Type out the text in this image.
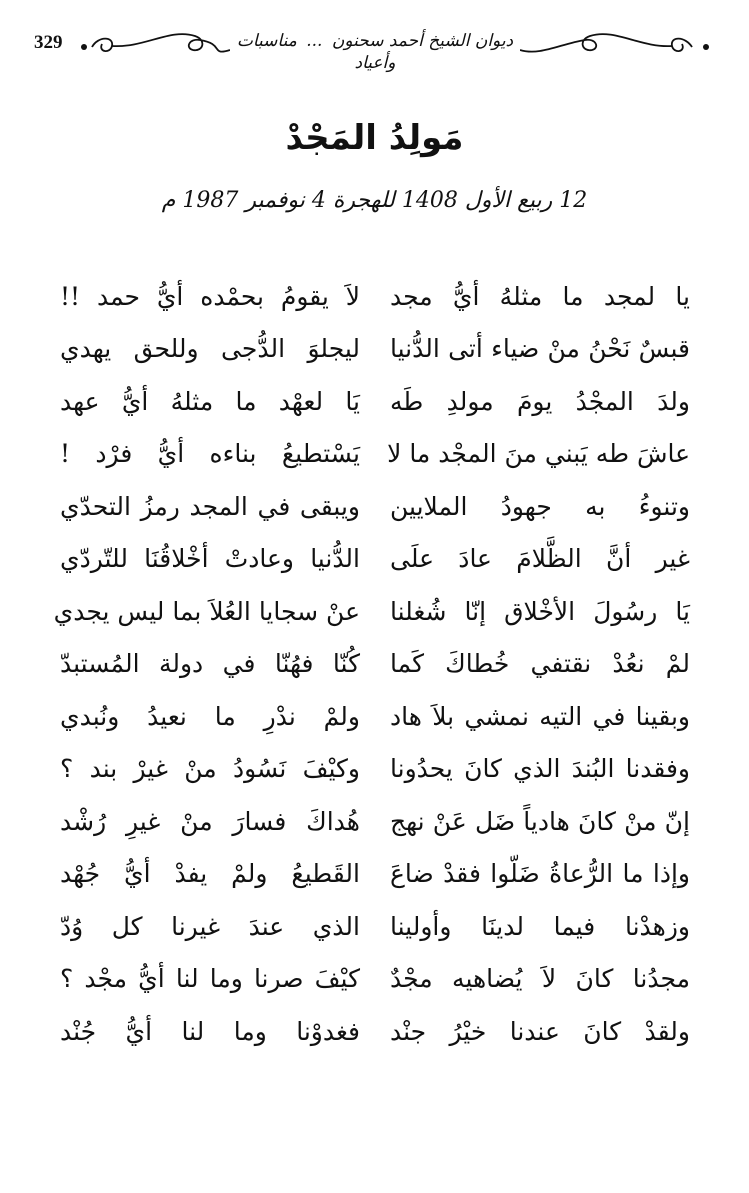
329	ديوان الشيخ أحمد سحنون ... مناسبات وأعياد
مَولِدُ المَجْدْ
12 ربيع الأول 1408 للهجرة 4 نوفمبر 1987 م
يا لمجد ما مثلهُ أيُّ مجد
لاَ يقومُ بحمْده أيُّ حمد !!
قبسٌ نَحْنُ منْ ضياء أتى الدُّنيا
ليجلوَ الدُّجى وللحق يهدي
ولدَ المجْدُ يومَ مولدِ طَه
يَا لعهْد ما مثلهُ أيُّ عهد
عاشَ طه يَبني منَ المجْد ما لا
يَسْتطيعُ بناءه أيُّ فرْد !
وتنوءُ به جهودُ الملايين
ويبقى في المجد رمزُ التحدّي
غير أنَّ الظَّلامَ عادَ علَى
الدُّنيا وعادتْ أخْلاقُنَا للتّردّي
يَا رسُولَ الأخْلاق إنّا شُغلنا
عنْ سجايا العُلاَ بما ليس يجدي
لمْ نعُدْ نقتفي خُطاكَ كَما
كُنّا فهُنّا في دولة المُستبدّ
وبقينا في التيه نمشي بلاَ هاد
ولمْ ندْرِ ما نعيدُ ونُبدي
وفقدنا البُندَ الذي كانَ يحدُونا
وكيْفَ نَسُودُ منْ غيرْ بند ؟
إنّ منْ كانَ هادياً ضَل عَنْ نهج
هُداكَ فسارَ منْ غيرِ رُشْد
وإذا ما الرُّعاةُ ضَلّوا فقدْ ضاعَ
القَطيعُ ولمْ يفدْ أيُّ جُهْد
وزهدْنا فيما لدينَا وأولينا
الذي عندَ غيرنا كل وُدّ
مجدُنا كانَ لاَ يُضاهيه مجْدٌ
كيْفَ صرنا وما لنا أيُّ مجْد ؟
ولقدْ كانَ عندنا خيْرُ جنْد
فغدوْنا وما لنا أيُّ جُنْد
